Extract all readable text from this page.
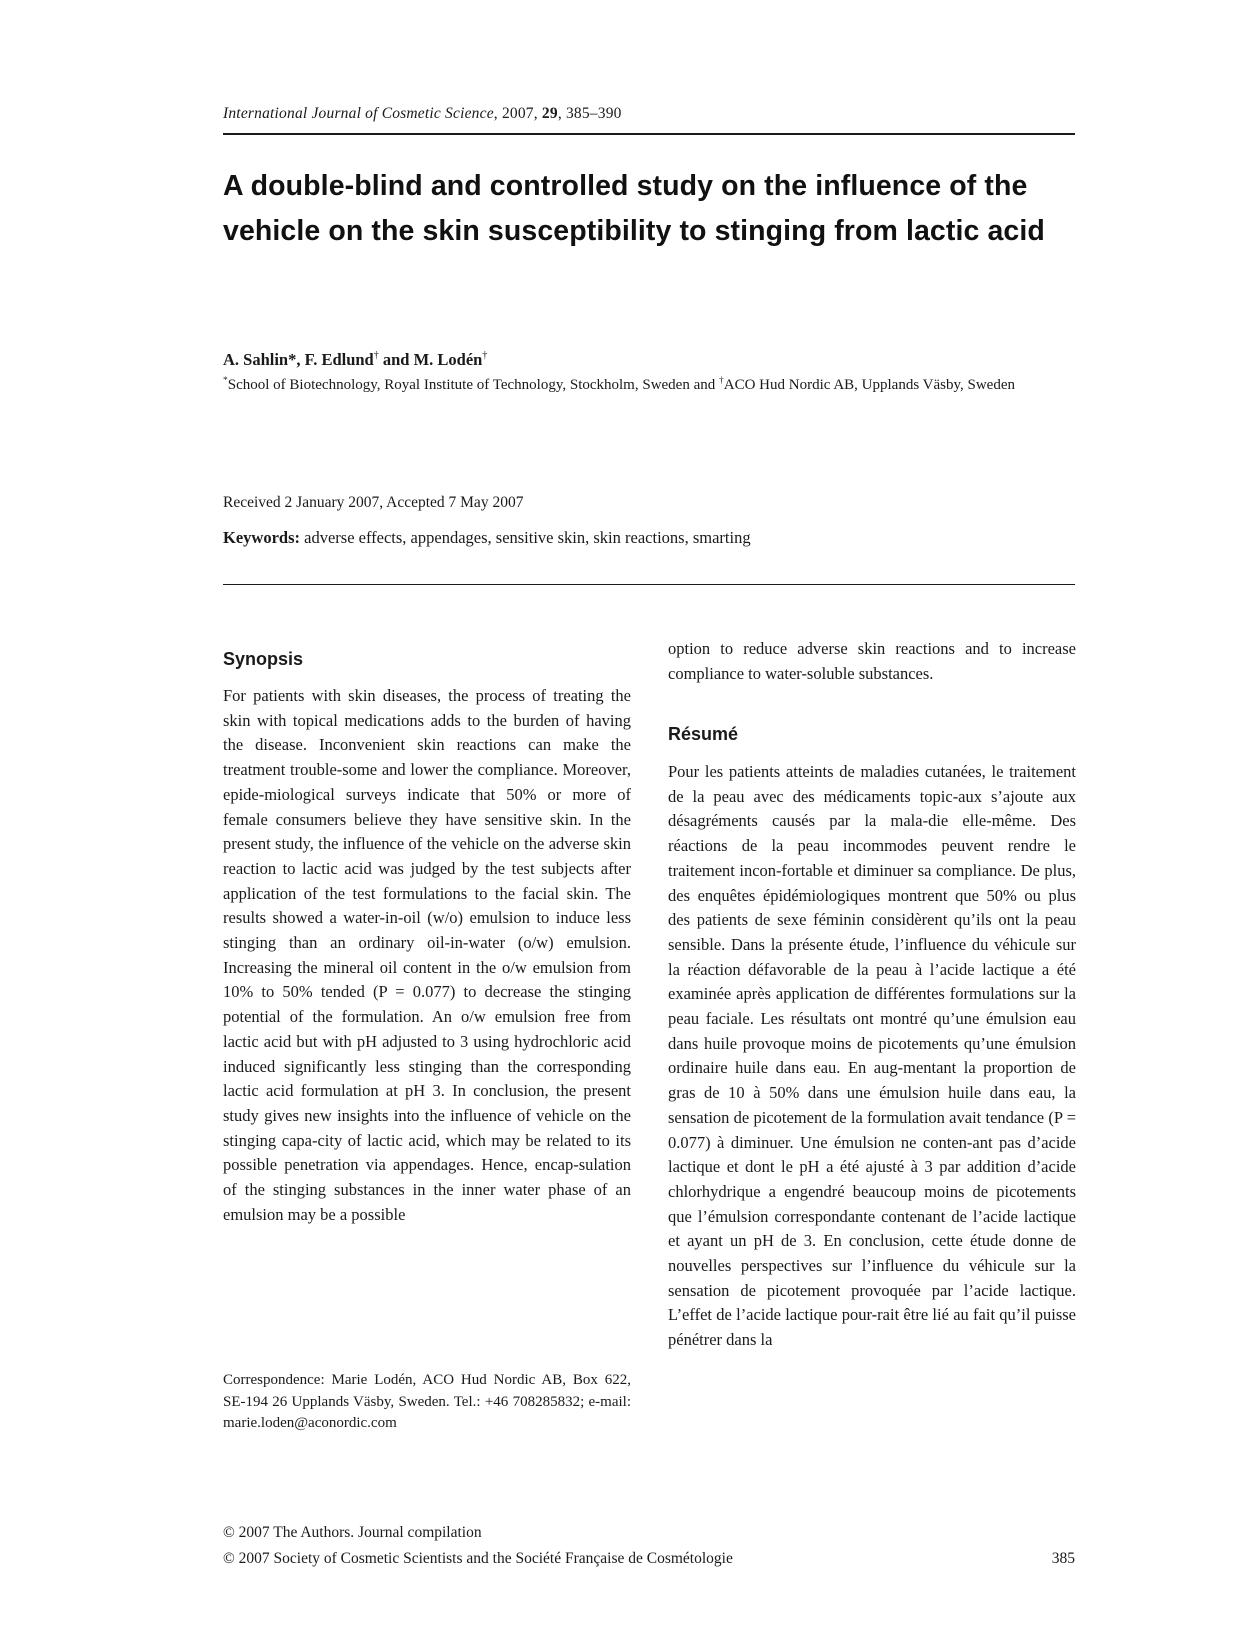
International Journal of Cosmetic Science, 2007, 29, 385–390
A double-blind and controlled study on the influence of the vehicle on the skin susceptibility to stinging from lactic acid
A. Sahlin*, F. Edlund† and M. Lodén†
*School of Biotechnology, Royal Institute of Technology, Stockholm, Sweden and †ACO Hud Nordic AB, Upplands Väsby, Sweden
Received 2 January 2007, Accepted 7 May 2007
Keywords: adverse effects, appendages, sensitive skin, skin reactions, smarting
Synopsis

For patients with skin diseases, the process of treating the skin with topical medications adds to the burden of having the disease. Inconvenient skin reactions can make the treatment trouble-some and lower the compliance. Moreover, epide-miological surveys indicate that 50% or more of female consumers believe they have sensitive skin. In the present study, the influence of the vehicle on the adverse skin reaction to lactic acid was judged by the test subjects after application of the test formulations to the facial skin. The results showed a water-in-oil (w/o) emulsion to induce less stinging than an ordinary oil-in-water (o/w) emulsion. Increasing the mineral oil content in the o/w emulsion from 10% to 50% tended (P = 0.077) to decrease the stinging potential of the formulation. An o/w emulsion free from lactic acid but with pH adjusted to 3 using hydrochloric acid induced significantly less stinging than the corresponding lactic acid formulation at pH 3. In conclusion, the present study gives new insights into the influence of vehicle on the stinging capa-city of lactic acid, which may be related to its possible penetration via appendages. Hence, encap-sulation of the stinging substances in the inner water phase of an emulsion may be a possible

Correspondence: Marie Lodén, ACO Hud Nordic AB, Box 622, SE-194 26 Upplands Väsby, Sweden. Tel.: +46 708285832; e-mail: marie.loden@aconordic.com

option to reduce adverse skin reactions and to increase compliance to water-soluble substances.

Résumé

Pour les patients atteints de maladies cutanées, le traitement de la peau avec des médicaments topic-aux s’ajoute aux désagréments causés par la mala-die elle-même. Des réactions de la peau incommodes peuvent rendre le traitement incon-fortable et diminuer sa compliance. De plus, des enquêtes épidémiologiques montrent que 50% ou plus des patients de sexe féminin considèrent qu’ils ont la peau sensible. Dans la présente étude, l’influence du véhicule sur la réaction défavorable de la peau à l’acide lactique a été examinée après application de différentes formulations sur la peau faciale. Les résultats ont montré qu’une émulsion eau dans huile provoque moins de picotements qu’une émulsion ordinaire huile dans eau. En aug-mentant la proportion de gras de 10 à 50% dans une émulsion huile dans eau, la sensation de picotement de la formulation avait tendance (P = 0.077) à diminuer. Une émulsion ne conten-ant pas d’acide lactique et dont le pH a été ajusté à 3 par addition d’acide chlorhydrique a engendré beaucoup moins de picotements que l’émulsion correspondante contenant de l’acide lactique et ayant un pH de 3. En conclusion, cette étude donne de nouvelles perspectives sur l’influence du véhicule sur la sensation de picotement provoquée par l’acide lactique. L’effet de l’acide lactique pour-rait être lié au fait qu’il puisse pénétrer dans la

© 2007 The Authors. Journal compilation
© 2007 Society of Cosmetic Scientists and the Société Française de Cosmétologie	385
